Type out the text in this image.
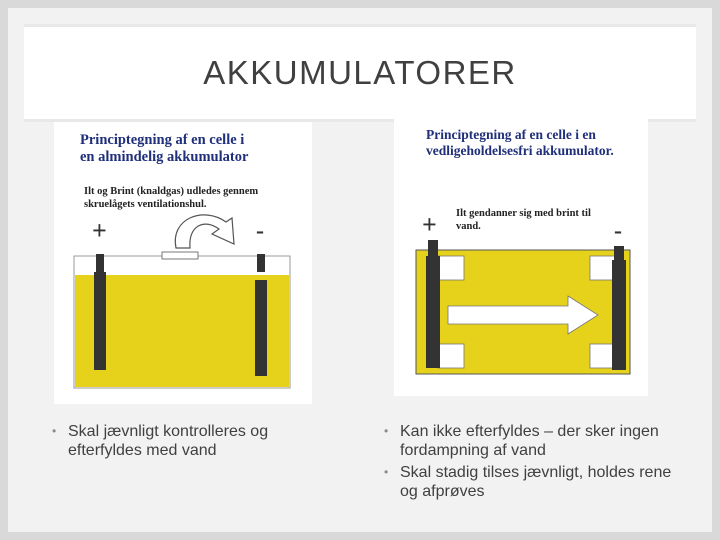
AKKUMULATORER
Principtegning af en celle i
en almindelig akkumulator
Ilt og Brint (knaldgas) udledes gennem
skruelågets ventilationshul.
+	-
Principtegning af en celle i en
vedligeholdelsesfri akkumulator.
Ilt gendanner sig med brint til
vand.
+	-
• Skal jævnligt kontrolleres og efterfyldes med vand
• Kan ikke efterfyldes – der sker ingen fordampning af vand
• Skal stadig tilses jævnligt, holdes rene og afprøves
